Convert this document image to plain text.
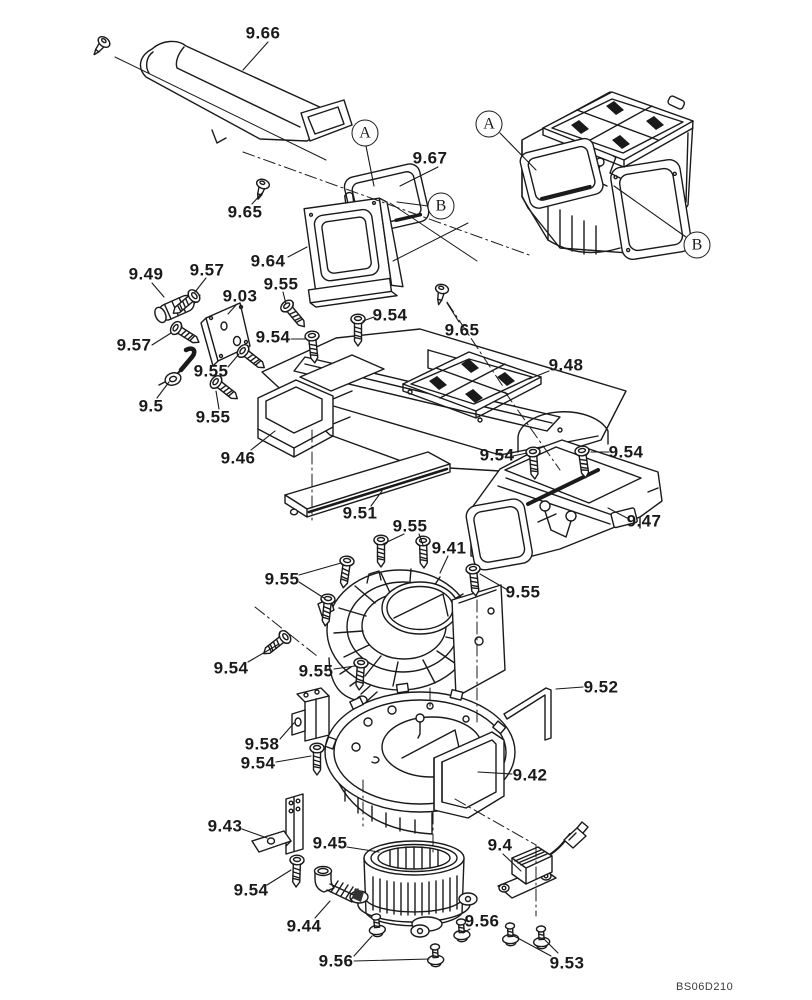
9.66
9.65
A
9.67
B
A
B
9.64
9.65
9.49 9.57
9.03
9.55
9.54
9.54
9.57
9.55
9.5
9.55
9.46
9.48
9.54	9.54
9.51
9.55	9.47
9.41
9.55
9.55
9.54	9.55
9.52
9.58
9.54
9.42
9.43
9.45	9.4
9.54
9.44	9.56
9.56	9.53
BS06D210
